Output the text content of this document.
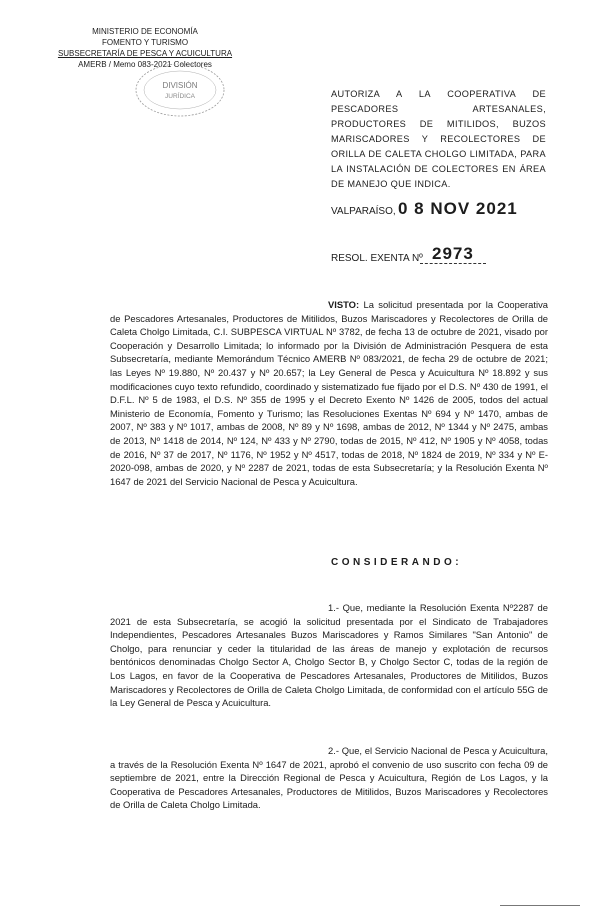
MINISTERIO DE ECONOMÍA
FOMENTO Y TURISMO
SUBSECRETARÍA DE PESCA Y ACUICULTURA
AMERB / Memo 083-2021 Colectores
DIVISIÓN
JURÍDICA	AUTORIZA A LA COOPERATIVA DE PESCADORES ARTESANALES, PRODUCTORES DE MITILIDOS, BUZOS MARISCADORES Y RECOLECTORES DE ORILLA DE CALETA CHOLGO LIMITADA, PARA LA INSTALACIÓN DE COLECTORES EN ÁREA DE MANEJO QUE INDICA.
VALPARAÍSO, 0 8 NOV 2021
RESOL. EXENTA Nº 2973
VISTO: La solicitud presentada por la Cooperativa de Pescadores Artesanales, Productores de Mitilidos, Buzos Mariscadores y Recolectores de Orilla de Caleta Cholgo Limitada, C.I. SUBPESCA VIRTUAL Nº 3782, de fecha 13 de octubre de 2021, visado por Cooperación y Desarrollo Limitada; lo informado por la División de Administración Pesquera de esta Subsecretaría, mediante Memorándum Técnico AMERB Nº 083/2021, de fecha 29 de octubre de 2021; las Leyes Nº 19.880, Nº 20.437 y Nº 20.657; la Ley General de Pesca y Acuicultura Nº 18.892 y sus modificaciones cuyo texto refundido, coordinado y sistematizado fue fijado por el D.S. Nº 430 de 1991, el D.F.L. Nº 5 de 1983, el D.S. Nº 355 de 1995 y el Decreto Exento Nº 1426 de 2005, todos del actual Ministerio de Economía, Fomento y Turismo; las Resoluciones Exentas Nº 694 y Nº 1470, ambas de 2007, Nº 383 y Nº 1017, ambas de 2008, Nº 89 y Nº 1698, ambas de 2012, Nº 1344 y Nº 2475, ambas de 2013, Nº 1418 de 2014, Nº 124, Nº 433 y Nº 2790, todas de 2015, Nº 412, Nº 1905 y Nº 4058, todas de 2016, Nº 37 de 2017, Nº 1176, Nº 1952 y Nº 4517, todas de 2018, Nº 1824 de 2019, Nº 334 y Nº E-2020-098, ambas de 2020, y Nº 2287 de 2021, todas de esta Subsecretaría; y la Resolución Exenta Nº 1647 de 2021 del Servicio Nacional de Pesca y Acuicultura.
CONSIDERANDO:
1.- Que, mediante la Resolución Exenta Nº2287 de 2021 de esta Subsecretaría, se acogió la solicitud presentada por el Sindicato de Trabajadores Independientes, Pescadores Artesanales Buzos Mariscadores y Ramos Similares "San Antonio" de Cholgo, para renunciar y ceder la titularidad de las áreas de manejo y explotación de recursos bentónicos denominadas Cholgo Sector A, Cholgo Sector B, y Cholgo Sector C, todas de la región de Los Lagos, en favor de la Cooperativa de Pescadores Artesanales, Productores de Mitilidos, Buzos Mariscadores y Recolectores de Orilla de Caleta Cholgo Limitada, de conformidad con el artículo 55G de la Ley General de Pesca y Acuicultura.
2.- Que, el Servicio Nacional de Pesca y Acuicultura, a través de la Resolución Exenta Nº 1647 de 2021, aprobó el convenio de uso suscrito con fecha 09 de septiembre de 2021, entre la Dirección Regional de Pesca y Acuicultura, Región de Los Lagos, y la Cooperativa de Pescadores Artesanales, Productores de Mitilidos, Buzos Mariscadores y Recolectores de Orilla de Caleta Cholgo Limitada.
